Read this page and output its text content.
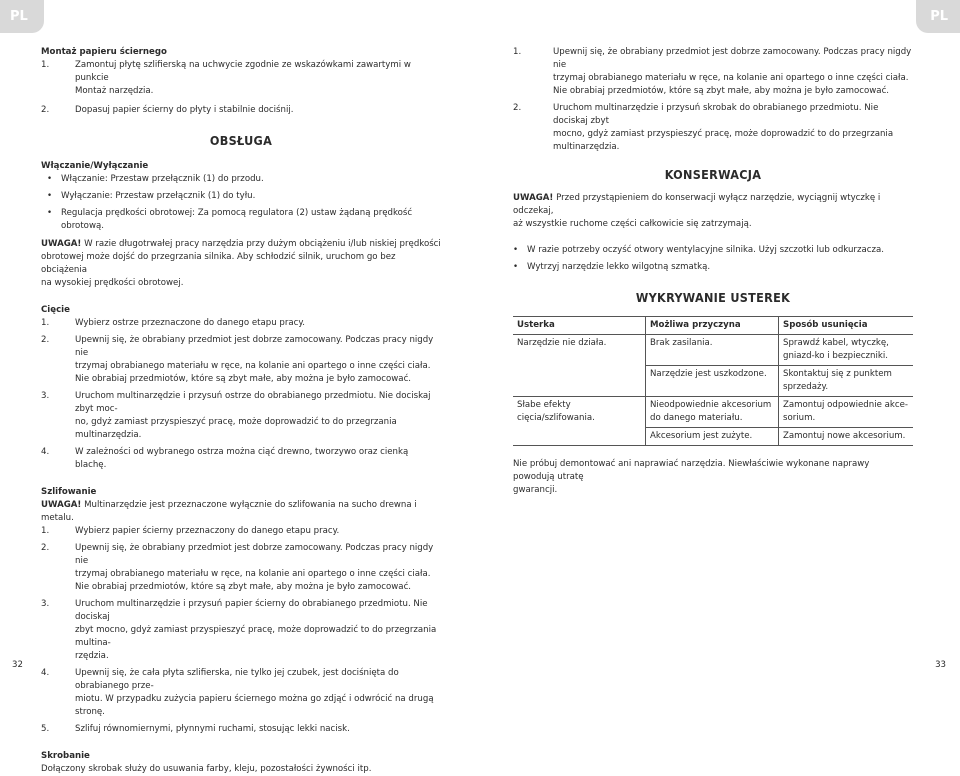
PL	PL
Montaż papieru ściernego
1.	Zamontuj płytę szlifierską na uchwycie zgodnie ze wskazówkami zawartymi w punkcie
Montaż narzędzia.
2.	Dopasuj papier ścierny do płyty i stabilnie dociśnij.
OBSŁUGA
Włączanie/Wyłączanie
•	Włączanie: Przestaw przełącznik (1) do przodu.
•	Wyłączanie: Przestaw przełącznik (1) do tyłu.
•	Regulacja prędkości obrotowej: Za pomocą regulatora (2) ustaw żądaną prędkość obrotową.
UWAGA! W razie długotrwałej pracy narzędzia przy dużym obciążeniu i/lub niskiej prędkości
obrotowej może dojść do przegrzania silnika. Aby schłodzić silnik, uruchom go bez obciążenia
na wysokiej prędkości obrotowej.
Cięcie
1.	Wybierz ostrze przeznaczone do danego etapu pracy.
2.	Upewnij się, że obrabiany przedmiot jest dobrze zamocowany. Podczas pracy nigdy nie
trzymaj obrabianego materiału w ręce, na kolanie ani opartego o inne części ciała.
Nie obrabiaj przedmiotów, które są zbyt małe, aby można je było zamocować.
3.	Uruchom multinarzędzie i przysuń ostrze do obrabianego przedmiotu. Nie dociskaj zbyt moc-
no, gdyż zamiast przyspieszyć pracę, może doprowadzić to do przegrzania multinarzędzia.
4.	W zależności od wybranego ostrza można ciąć drewno, tworzywo oraz cienką blachę.
Szlifowanie
UWAGA! Multinarzędzie jest przeznaczone wyłącznie do szlifowania na sucho drewna i metalu.
1.	Wybierz papier ścierny przeznaczony do danego etapu pracy.
2.	Upewnij się, że obrabiany przedmiot jest dobrze zamocowany. Podczas pracy nigdy nie
trzymaj obrabianego materiału w ręce, na kolanie ani opartego o inne części ciała.
Nie obrabiaj przedmiotów, które są zbyt małe, aby można je było zamocować.
3.	Uruchom multinarzędzie i przysuń papier ścierny do obrabianego przedmiotu. Nie dociskaj
zbyt mocno, gdyż zamiast przyspieszyć pracę, może doprowadzić to do przegrzania multina-
rzędzia.
4.	Upewnij się, że cała płyta szlifierska, nie tylko jej czubek, jest dociśnięta do obrabianego prze-
miotu. W przypadku zużycia papieru ściernego można go zdjąć i odwrócić na drugą stronę.
5.	Szlifuj równomiernymi, płynnymi ruchami, stosując lekki nacisk.
Skrobanie
Dołączony skrobak służy do usuwania farby, kleju, pozostałości żywności itp.
1.	Upewnij się, że obrabiany przedmiot jest dobrze zamocowany. Podczas pracy nigdy nie
trzymaj obrabianego materiału w ręce, na kolanie ani opartego o inne części ciała.
Nie obrabiaj przedmiotów, które są zbyt małe, aby można je było zamocować.
2.	Uruchom multinarzędzie i przysuń skrobak do obrabianego przedmiotu. Nie dociskaj zbyt
mocno, gdyż zamiast przyspieszyć pracę, może doprowadzić to do przegrzania multinarzędzia.
KONSERWACJA
UWAGA! Przed przystąpieniem do konserwacji wyłącz narzędzie, wyciągnij wtyczkę i odczekaj,
aż wszystkie ruchome części całkowicie się zatrzymają.
•	W razie potrzeby oczyść otwory wentylacyjne silnika. Użyj szczotki lub odkurzacza.
•	Wytrzyj narzędzie lekko wilgotną szmatką.
WYKRYWANIE USTEREK
Usterka	Możliwa przyczyna	Sposób usunięcia
Narzędzie nie działa.	Brak zasilania.	Sprawdź kabel, wtyczkę, gniazd-ko i bezpieczniki.
	Narzędzie jest uszkodzone.	Skontaktuj się z punktem sprzedaży.
Słabe efekty cięcia/szlifowania.	Nieodpowiednie akcesorium do danego materiału.	Zamontuj odpowiednie akce-sorium.
	Akcesorium jest zużyte.	Zamontuj nowe akcesorium.
Nie próbuj demontować ani naprawiać narzędzia. Niewłaściwie wykonane naprawy powodują utratę
gwarancji.
32	33
